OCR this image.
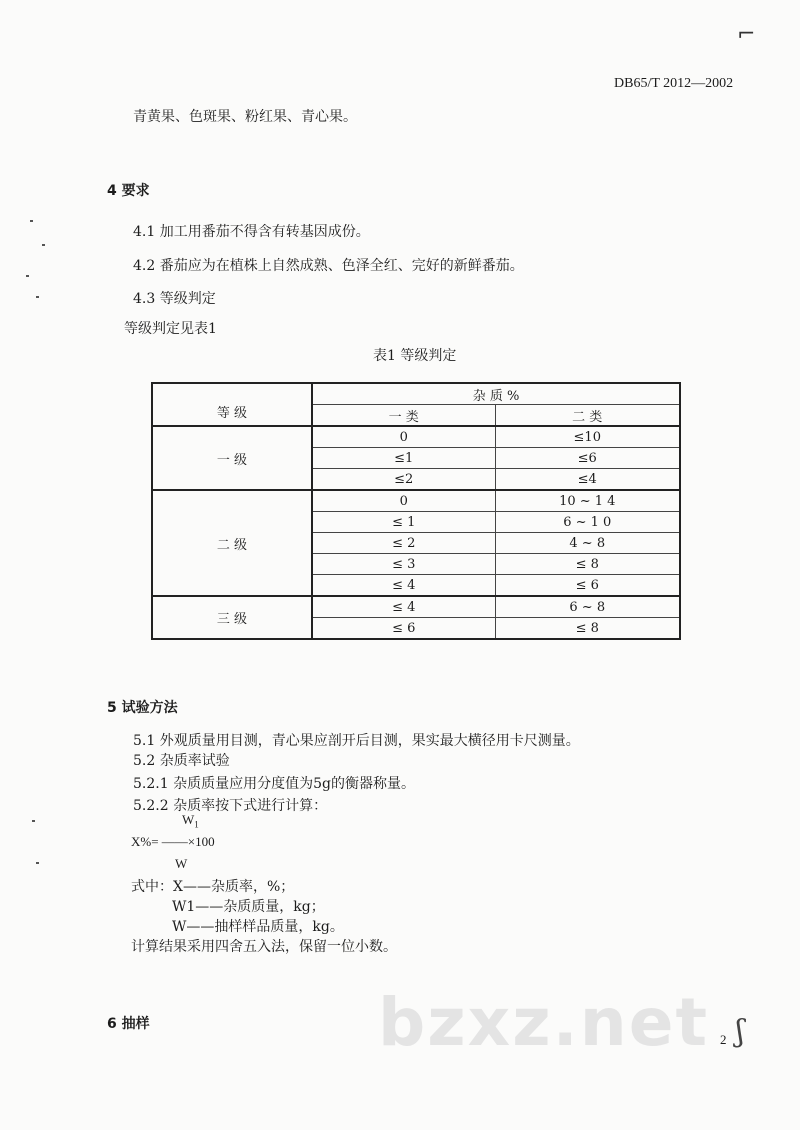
⌐
DB65/T 2012—2002
青黄果、色斑果、粉红果、青心果。
4 要求
4.1 加工用番茄不得含有转基因成份。
4.2 番茄应为在植株上自然成熟、色泽全红、完好的新鲜番茄。
4.3 等级判定
等级判定见表1
表1 等级判定
等 级	杂 质 %	
	一 类	二 类
一 级	0	≤10
	≤1	≤6
	≤2	≤4
二 级	0	10 ~ 1 4
	≤ 1	6 ~ 1 0
	≤ 2	4 ~ 8
	≤ 3	≤ 8
	≤ 4	≤ 6
三 级	≤ 4	6 ~ 8
	≤ 6	≤ 8
5 试验方法
5.1 外观质量用目测，青心果应剖开后目测，果实最大横径用卡尺测量。
5.2 杂质率试验
5.2.1 杂质质量应用分度值为5g的衡器称量。
5.2.2 杂质率按下式进行计算：
$W_1$
X%= ——×100
W
式中：X——杂质率，%；
W1——杂质质量，kg；
W——抽样样品质量，kg。
计算结果采用四舍五入法，保留一位小数。
6 抽样	bzxz.net ʃ
2
